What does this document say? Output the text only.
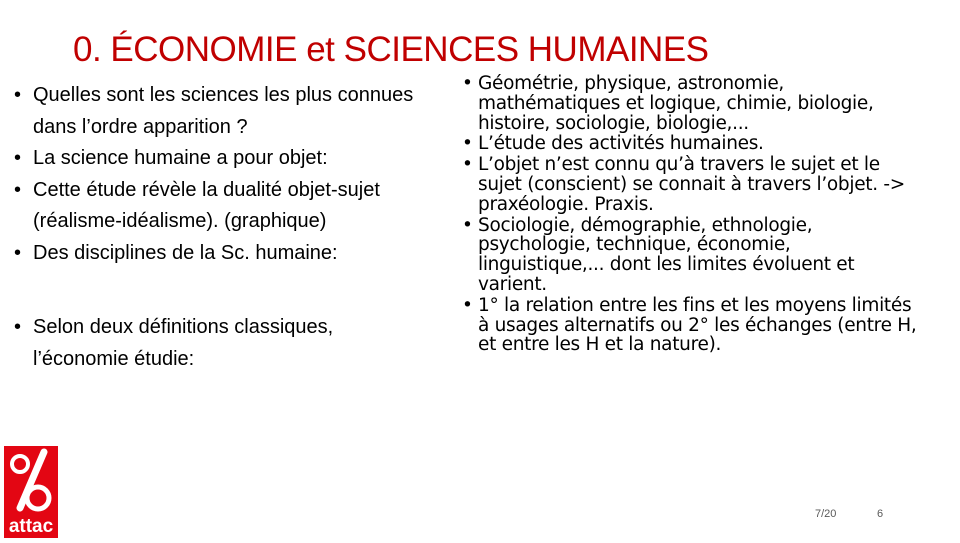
0. ÉCONOMIE et SCIENCES HUMAINES
• Quelles sont les sciences les plus connues dans l’ordre apparition ?
• La science humaine a pour objet:
• Cette étude révèle la dualité objet-sujet (réalisme-idéalisme). (graphique)
• Des disciplines de la Sc. humaine:
• Selon deux définitions classiques, l’économie étudie:
• Géométrie, physique, astronomie, mathématiques et logique, chimie, biologie, histoire, sociologie, biologie,...
• L’étude des activités humaines.
• L’objet n’est connu qu’à travers le sujet et le sujet (conscient) se connait à travers l’objet. -> praxéologie. Praxis.
• Sociologie, démographie, ethnologie, psychologie, technique, économie, linguistique,... dont les limites évoluent et varient.
• 1° la relation entre les fins et les moyens limités à usages alternatifs ou 2° les échanges (entre H, et entre les H et la nature).
attac
7/20	6
